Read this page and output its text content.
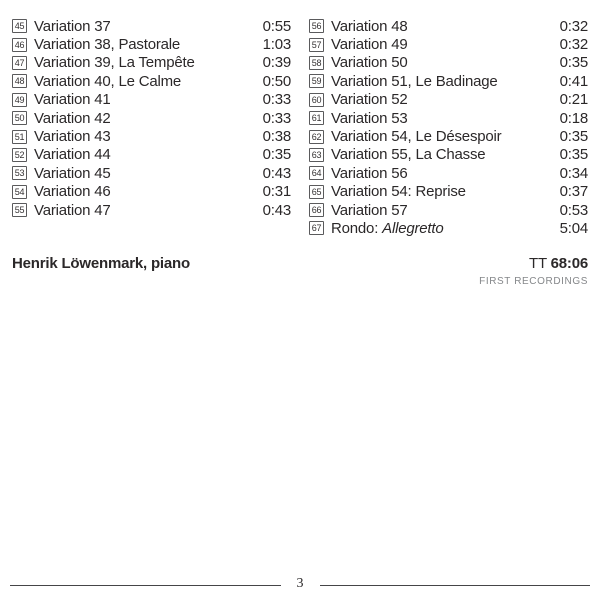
45 Variation 37	0:55
46 Variation 38, Pastorale	1:03
47 Variation 39, La Tempête	0:39
48 Variation 40, Le Calme	0:50
49 Variation 41	0:33
50 Variation 42	0:33
51 Variation 43	0:38
52 Variation 44	0:35
53 Variation 45	0:43
54 Variation 46	0:31
55 Variation 47	0:43
56 Variation 48	0:32
57 Variation 49	0:32
58 Variation 50	0:35
59 Variation 51, Le Badinage	0:41
60 Variation 52	0:21
61 Variation 53	0:18
62 Variation 54, Le Désespoir	0:35
63 Variation 55, La Chasse	0:35
64 Variation 56	0:34
65 Variation 54: Reprise	0:37
66 Variation 57	0:53
67 Rondo: Allegretto	5:04
Henrik Löwenmark, piano	TT 68:06
FIRST RECORDINGS
3
